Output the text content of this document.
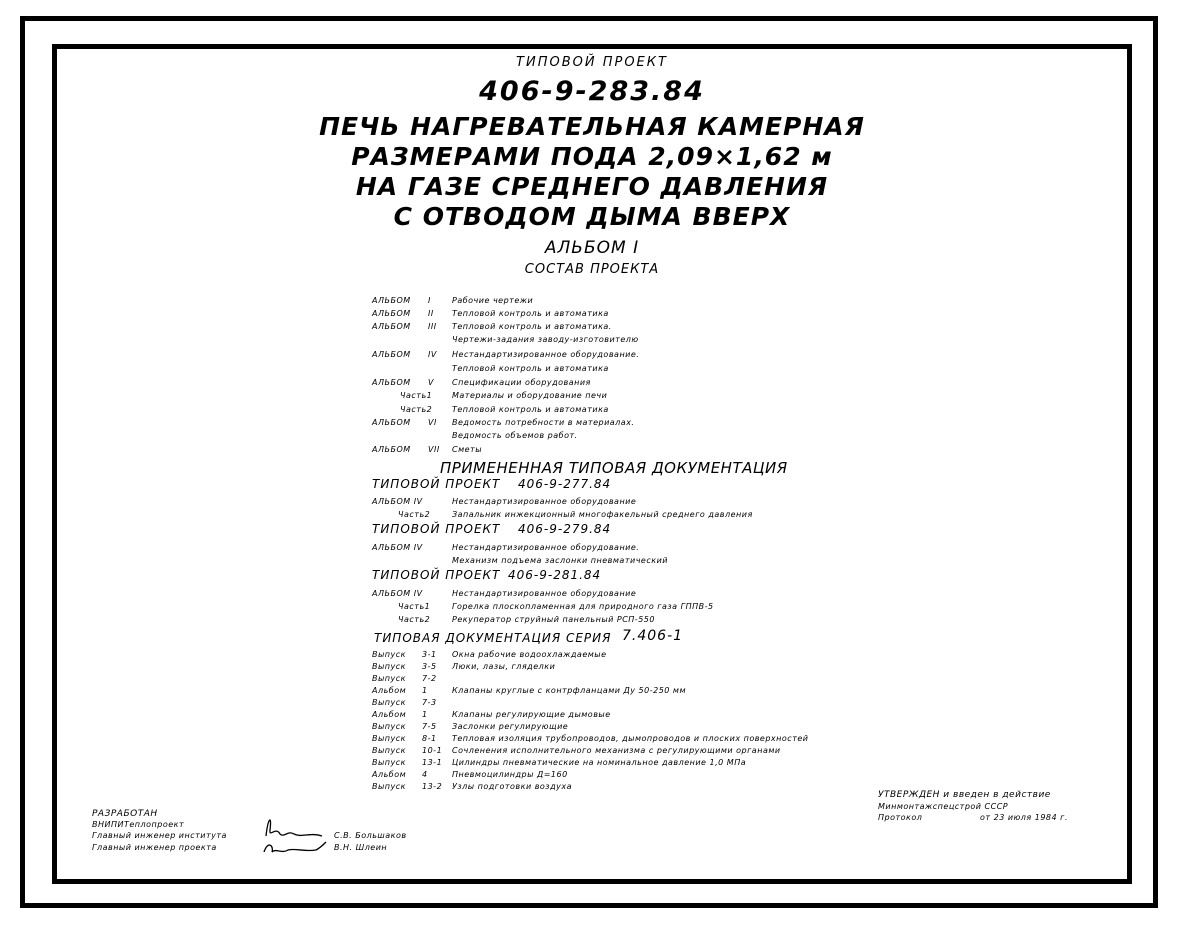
ТИПОВОЙ ПРОЕКТ
406-9-283.84
ПЕЧЬ НАГРЕВАТЕЛЬНАЯ КАМЕРНАЯ
РАЗМЕРАМИ ПОДА 2,09×1,62 м
НА ГАЗЕ СРЕДНЕГО ДАВЛЕНИЯ
С ОТВОДОМ ДЫМА ВВЕРХ
АЛЬБОМ I
СОСТАВ ПРОЕКТА
АЛЬБОМ I	Рабочие чертежи
АЛЬБОМ II Тепловой контроль и автоматика
АЛЬБОМ III Тепловой контроль и автоматика.
Чертежи-задания заводу-изготовителю
АЛЬБОМ IV Нестандартизированное оборудование.
Тепловой контроль и автоматика
АЛЬБОМ V Спецификации оборудования
Часть1 Материалы и оборудование печи
Часть2 Тепловой контроль и автоматика
АЛЬБОМ VI Ведомость потребности в материалах.
Ведомость объемов работ.
АЛЬБОМ VII Сметы
ПРИМЕНЕННАЯ ТИПОВАЯ ДОКУМЕНТАЦИЯ
ТИПОВОЙ ПРОЕКТ 406-9-277.84
АЛЬБОМ IV	Нестандартизированное оборудование
Часть2	Запальник инжекционный многофакельный среднего давления
ТИПОВОЙ ПРОЕКТ 406-9-279.84
АЛЬБОМ IV	Нестандартизированное оборудование.
Механизм подъема заслонки пневматический
ТИПОВОЙ ПРОЕКТ 406-9-281.84
АЛЬБОМ IV	Нестандартизированное оборудование
Часть1	Горелка плоскопламенная для природного газа ГППВ-5
Часть2	Рекуператор струйный панельный РСП-550
ТИПОВАЯ ДОКУМЕНТАЦИЯ СЕРИЯ 7.406-1
Выпуск 3-1 Окна рабочие водоохлаждаемые
Выпуск 3-5 Люки, лазы, гляделки
Выпуск 7-2
Альбом 1	Клапаны круглые с контрфланцами Ду 50-250 мм
Выпуск 7-3
Альбом 1	Клапаны регулирующие дымовые
Выпуск 7-5 Заслонки регулирующие
Выпуск 8-1 Тепловая изоляция трубопроводов, дымопроводов и плоских поверхностей
Выпуск 10-1 Сочленения исполнительного механизма с регулирующими органами
Выпуск 13-1 Цилиндры пневматические на номинальное давление 1,0 МПа
Альбом 4	Пневмоцилиндры Д=160
Выпуск 13-2 Узлы подготовки воздуха
УТВЕРЖДЕН и введен в действие
Минмонтажспецстрой СССР
Протокол	от 23 июля 1984 г.
РАЗРАБОТАН
ВНИПИТеплопроект
Главный инженер института
Главный инженер проекта
С.В. Большаков
В.Н. Шлеин
